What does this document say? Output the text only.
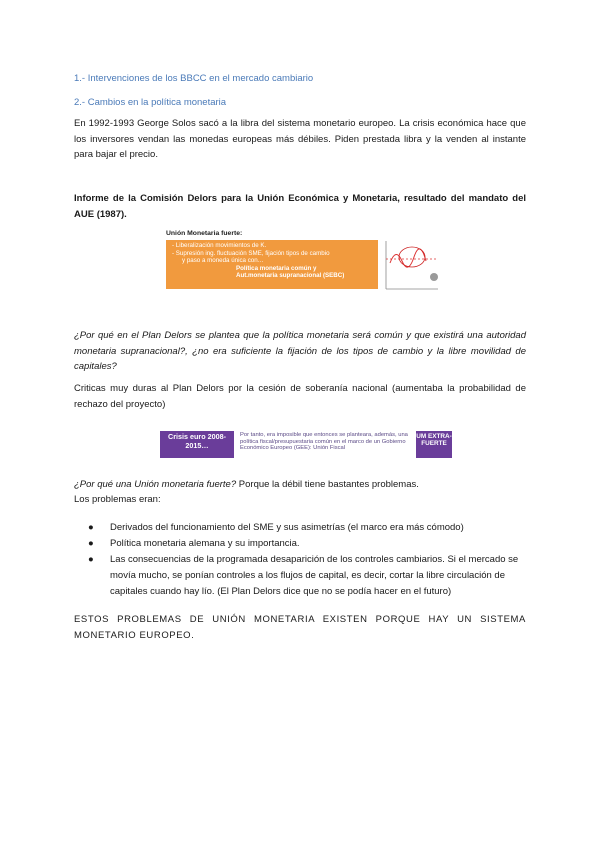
1.- Intervenciones de los BBCC en el mercado cambiario
2.- Cambios en la política monetaria
En 1992-1993 George Solos sacó a la libra del sistema monetario europeo. La crisis económica hace que los inversores vendan las monedas europeas más débiles. Piden prestada libra y la venden al instante para bajar el precio.
Informe de la Comisión Delors para la Unión Económica y Monetaria, resultado del mandato del AUE (1987).
Unión Monetaria fuerte:
- Liberalización movimientos de K.
- Supresión ing. fluctuación SME, fijación tipos de cambio
y paso a moneda única con…
Política monetaria común y
Aut.monetaria supranacional (SEBC)
¿Por qué en el Plan Delors se plantea que la política monetaria será común y que existirá una autoridad monetaria supranacional?, ¿no era suficiente la fijación de los tipos de cambio y la libre movilidad de capitales?
Criticas muy duras al Plan Delors por la cesión de soberanía nacional (aumentaba la probabilidad de rechazo del proyecto)
Crisis euro 2008-2015…
Por tanto, era imposible que entonces se planteara, además, una política fiscal/presupuestaria común en el marco de un Gobierno Económico Europeo (GEE): Unión Fiscal
UM EXTRA-FUERTE
¿Por qué una Unión monetaria fuerte? Porque la débil tiene bastantes problemas.
Los problemas eran:
● Derivados del funcionamiento del SME y sus asimetrías (el marco era más cómodo)
● Política monetaria alemana y su importancia.
● Las consecuencias de la programada desaparición de los controles cambiarios. Si el mercado se movía mucho, se ponían controles a los flujos de capital, es decir, cortar la libre circulación de capitales cuando hay lío. (El Plan Delors dice que no se podía hacer en el futuro)
ESTOS PROBLEMAS DE UNIÓN MONETARIA EXISTEN PORQUE HAY UN SISTEMA MONETARIO EUROPEO.
